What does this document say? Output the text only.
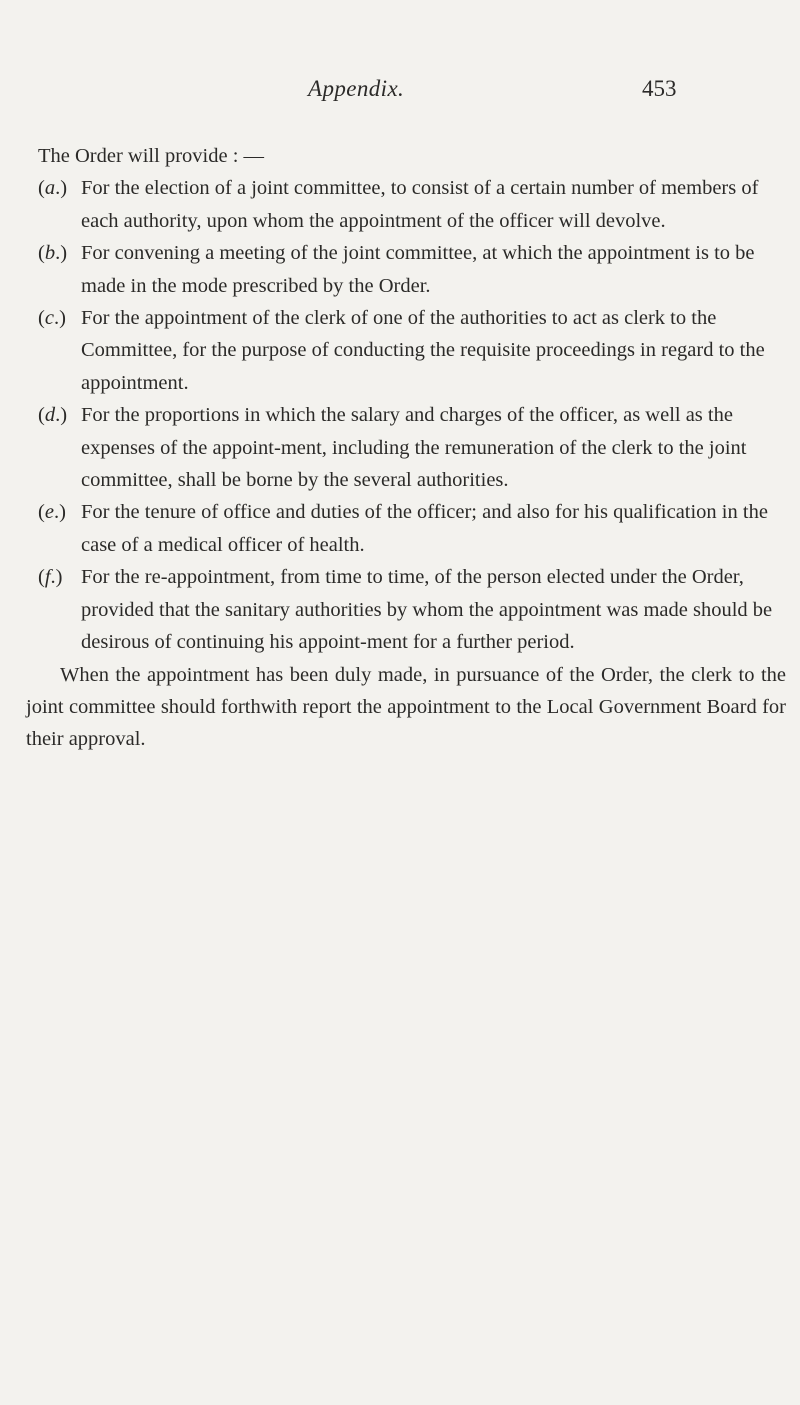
Appendix.	453

The Order will provide : —

(a.) For the election of a joint committee, to consist of a certain number of members of each authority, upon whom the appointment of the officer will devolve.
(b.) For convening a meeting of the joint committee, at which the appointment is to be made in the mode prescribed by the Order.
(c.) For the appointment of the clerk of one of the authorities to act as clerk to the Committee, for the purpose of conducting the requisite proceedings in regard to the appointment.
(d.) For the proportions in which the salary and charges of the officer, as well as the expenses of the appoint-ment, including the remuneration of the clerk to the joint committee, shall be borne by the several authorities.
(e.) For the tenure of office and duties of the officer; and also for his qualification in the case of a medical officer of health.
(f.) For the re-appointment, from time to time, of the person elected under the Order, provided that the sanitary authorities by whom the appointment was made should be desirous of continuing his appoint-ment for a further period.

When the appointment has been duly made, in pursuance of the Order, the clerk to the joint committee should forthwith report the appointment to the Local Government Board for their approval.
